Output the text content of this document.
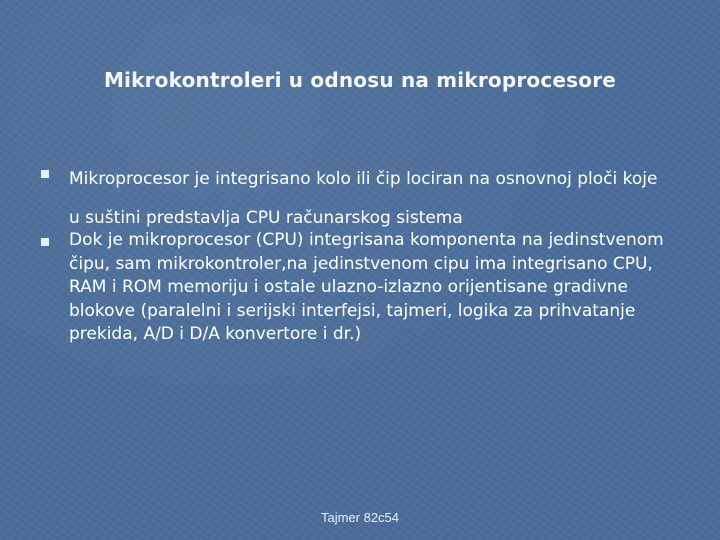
Mikrokontroleri u odnosu na mikroprocesore
Mikroprocesor je integrisano kolo ili čip lociran na osnovnoj ploči koje u suštini predstavlja CPU računarskog sistema
Dok je mikroprocesor (CPU) integrisana komponenta na jedinstvenom čipu, sam mikrokontroler,na jedinstvenom cipu ima integrisano CPU, RAM i ROM memoriju i ostale ulazno-izlazno orijentisane gradivne blokove (paralelni i serijski interfejsi, tajmeri, logika za prihvatanje prekida, A/D i D/A konvertore i dr.)
Tajmer 82c54
